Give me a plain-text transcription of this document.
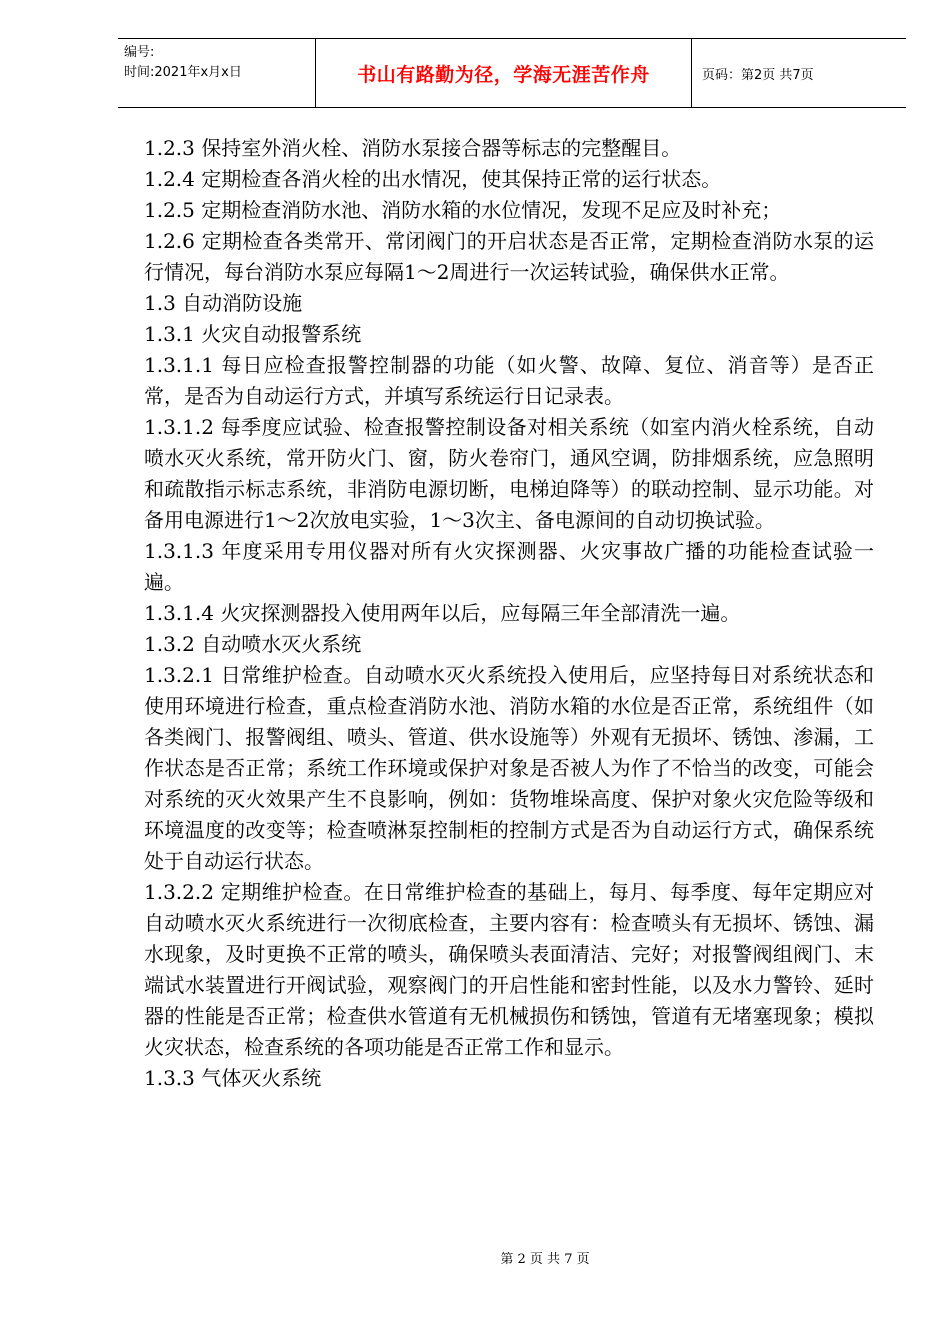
编号:
时间:2021年x月x日	书山有路勤为径，学海无涯苦作舟	页码：第2页 共7页

1.2.3 保持室外消火栓、消防水泵接合器等标志的完整醒目。

1.2.4 定期检查各消火栓的出水情况，使其保持正常的运行状态。

1.2.5 定期检查消防水池、消防水箱的水位情况，发现不足应及时补充；

1.2.6 定期检查各类常开、常闭阀门的开启状态是否正常，定期检查消防水泵的运行情况，每台消防水泵应每隔1～2周进行一次运转试验，确保供水正常。

1.3 自动消防设施

1.3.1 火灾自动报警系统

1.3.1.1 每日应检查报警控制器的功能（如火警、故障、复位、消音等）是否正常，是否为自动运行方式，并填写系统运行日记录表。

1.3.1.2 每季度应试验、检查报警控制设备对相关系统（如室内消火栓系统，自动喷水灭火系统，常开防火门、窗，防火卷帘门，通风空调，防排烟系统，应急照明和疏散指示标志系统，非消防电源切断，电梯迫降等）的联动控制、显示功能。对备用电源进行1～2次放电实验，1～3次主、备电源间的自动切换试验。

1.3.1.3 年度采用专用仪器对所有火灾探测器、火灾事故广播的功能检查试验一遍。

1.3.1.4 火灾探测器投入使用两年以后，应每隔三年全部清洗一遍。

1.3.2 自动喷水灭火系统

1.3.2.1 日常维护检查。自动喷水灭火系统投入使用后，应坚持每日对系统状态和使用环境进行检查，重点检查消防水池、消防水箱的水位是否正常，系统组件（如各类阀门、报警阀组、喷头、管道、供水设施等）外观有无损坏、锈蚀、渗漏，工作状态是否正常；系统工作环境或保护对象是否被人为作了不恰当的改变，可能会对系统的灭火效果产生不良影响，例如：货物堆垛高度、保护对象火灾危险等级和环境温度的改变等；检查喷淋泵控制柜的控制方式是否为自动运行方式，确保系统处于自动运行状态。

1.3.2.2 定期维护检查。在日常维护检查的基础上，每月、每季度、每年定期应对自动喷水灭火系统进行一次彻底检查，主要内容有：检查喷头有无损坏、锈蚀、漏水现象，及时更换不正常的喷头，确保喷头表面清洁、完好；对报警阀组阀门、末端试水装置进行开阀试验，观察阀门的开启性能和密封性能，以及水力警铃、延时器的性能是否正常；检查供水管道有无机械损伤和锈蚀，管道有无堵塞现象；模拟火灾状态，检查系统的各项功能是否正常工作和显示。

1.3.3 气体灭火系统

第 2 页 共 7 页
